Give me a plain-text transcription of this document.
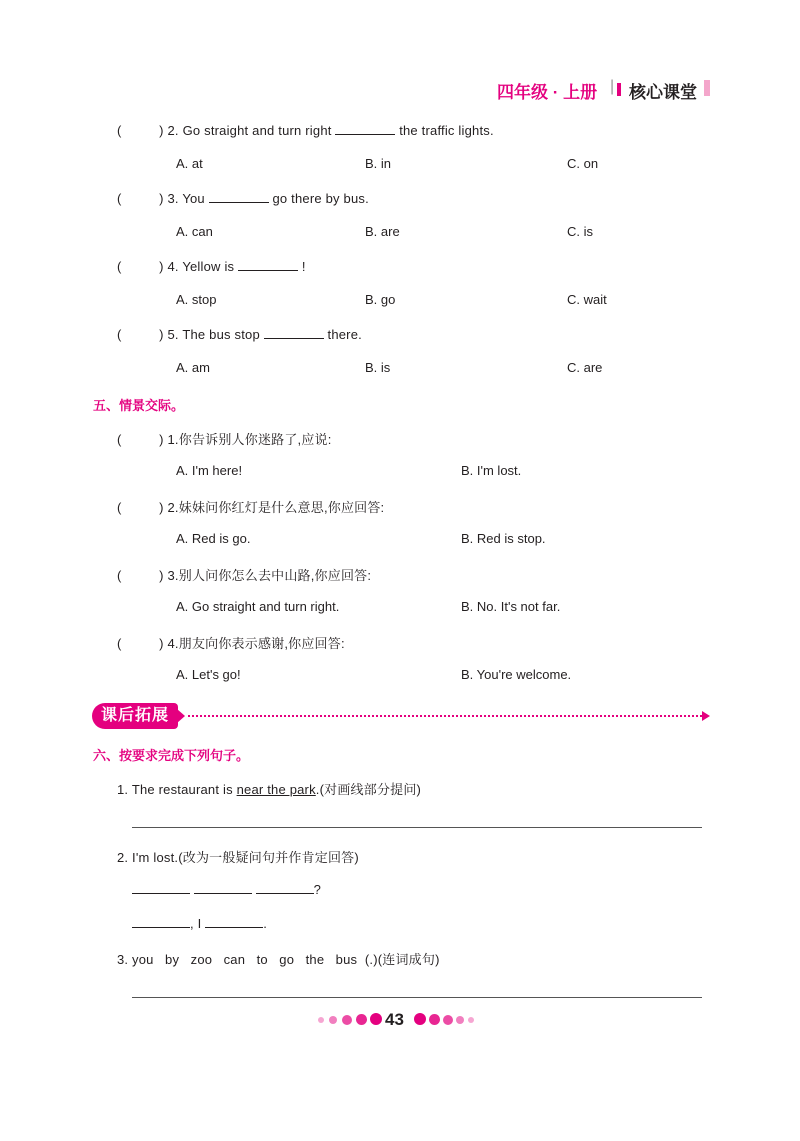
四年级 · 上册 | 核心课堂
(	) 2. Go straight and turn right	the traffic lights.
A. at	B. in	C. on
(	) 3. You	go there by bus.
A. can	B. are	C. is
(	) 4. Yellow is	!
A. stop	B. go	C. wait
(	) 5. The bus stop	there.
A. am	B. is	C. are
五、情景交际。
(	) 1.你告诉别人你迷路了,应说:
A. I'm here!	B. I'm lost.
(	) 2.妹妹问你红灯是什么意思,你应回答:
A. Red is go.	B. Red is stop.
(	) 3.别人问你怎么去中山路,你应回答:
A. Go straight and turn right.	B. No. It's not far.
(	) 4.朋友向你表示感谢,你应回答:
A. Let's go!	B. You're welcome.
课后拓展
六、按要求完成下列句子。
1. The restaurant is near the park.(对画线部分提问)
2. I'm lost.(改为一般疑问句并作肯定回答)
?
, I	.
3. you   by   zoo   can   to   go   the   bus  (.)(连词成句)
43
